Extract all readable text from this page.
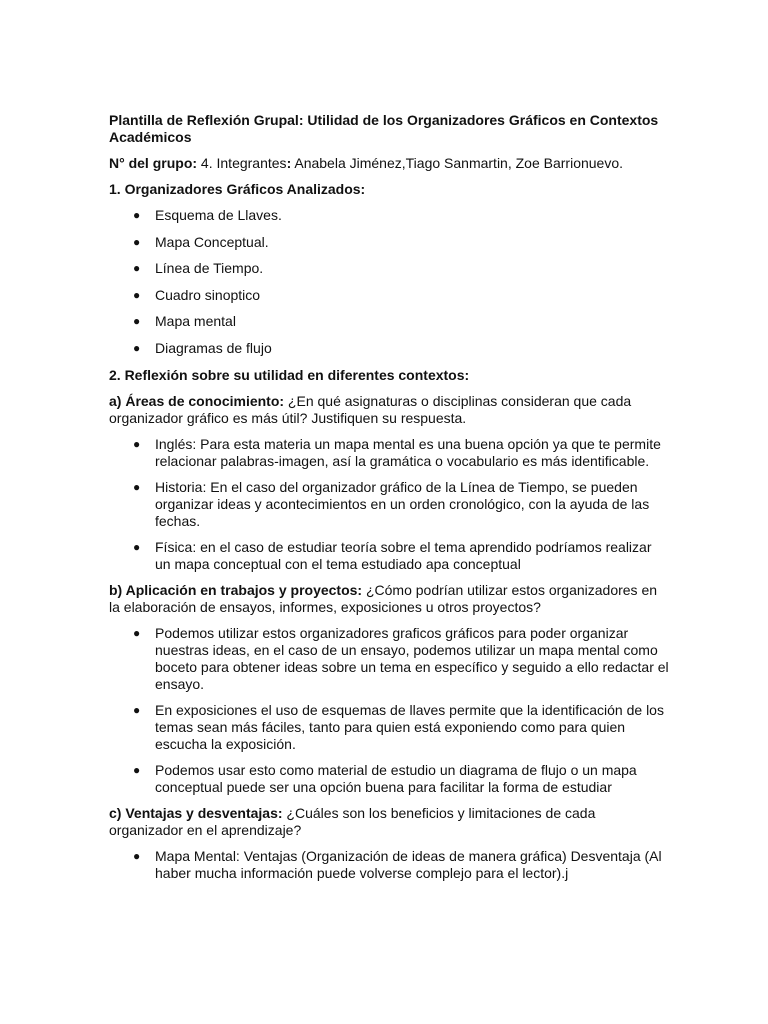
Plantilla de Reflexión Grupal: Utilidad de los Organizadores Gráficos en Contextos Académicos
N° del grupo: 4. Integrantes: Anabela Jiménez,Tiago Sanmartin, Zoe Barrionuevo.
1. Organizadores Gráficos Analizados:
● Esquema de Llaves.
● Mapa Conceptual.
● Línea de Tiempo.
● Cuadro sinoptico
● Mapa mental
● Diagramas de flujo
2. Reflexión sobre su utilidad en diferentes contextos:
a) Áreas de conocimiento: ¿En qué asignaturas o disciplinas consideran que cada organizador gráfico es más útil? Justifiquen su respuesta.
● Inglés: Para esta materia un mapa mental es una buena opción ya que te permite relacionar palabras-imagen, así la gramática o vocabulario es más identificable.
● Historia: En el caso del organizador gráfico de la Línea de Tiempo, se pueden organizar ideas y acontecimientos en un orden cronológico, con la ayuda de las fechas.
● Física: en el caso de estudiar teoría sobre el tema aprendido podríamos realizar un mapa conceptual con el tema estudiado apa conceptual
b) Aplicación en trabajos y proyectos: ¿Cómo podrían utilizar estos organizadores en la elaboración de ensayos, informes, exposiciones u otros proyectos?
● Podemos utilizar estos organizadores graficos gráficos para poder organizar nuestras ideas, en el caso de un ensayo, podemos utilizar un mapa mental como boceto para obtener ideas sobre un tema en específico y seguido a ello redactar el ensayo.
● En exposiciones el uso de esquemas de llaves permite que la identificación de los temas sean más fáciles, tanto para quien está exponiendo como para quien escucha la exposición.
● Podemos usar esto como material de estudio un diagrama de flujo o un mapa conceptual puede ser una opción buena para facilitar la forma de estudiar
c) Ventajas y desventajas: ¿Cuáles son los beneficios y limitaciones de cada organizador en el aprendizaje?
● Mapa Mental: Ventajas (Organización de ideas de manera gráfica) Desventaja (Al haber mucha información puede volverse complejo para el lector).j
